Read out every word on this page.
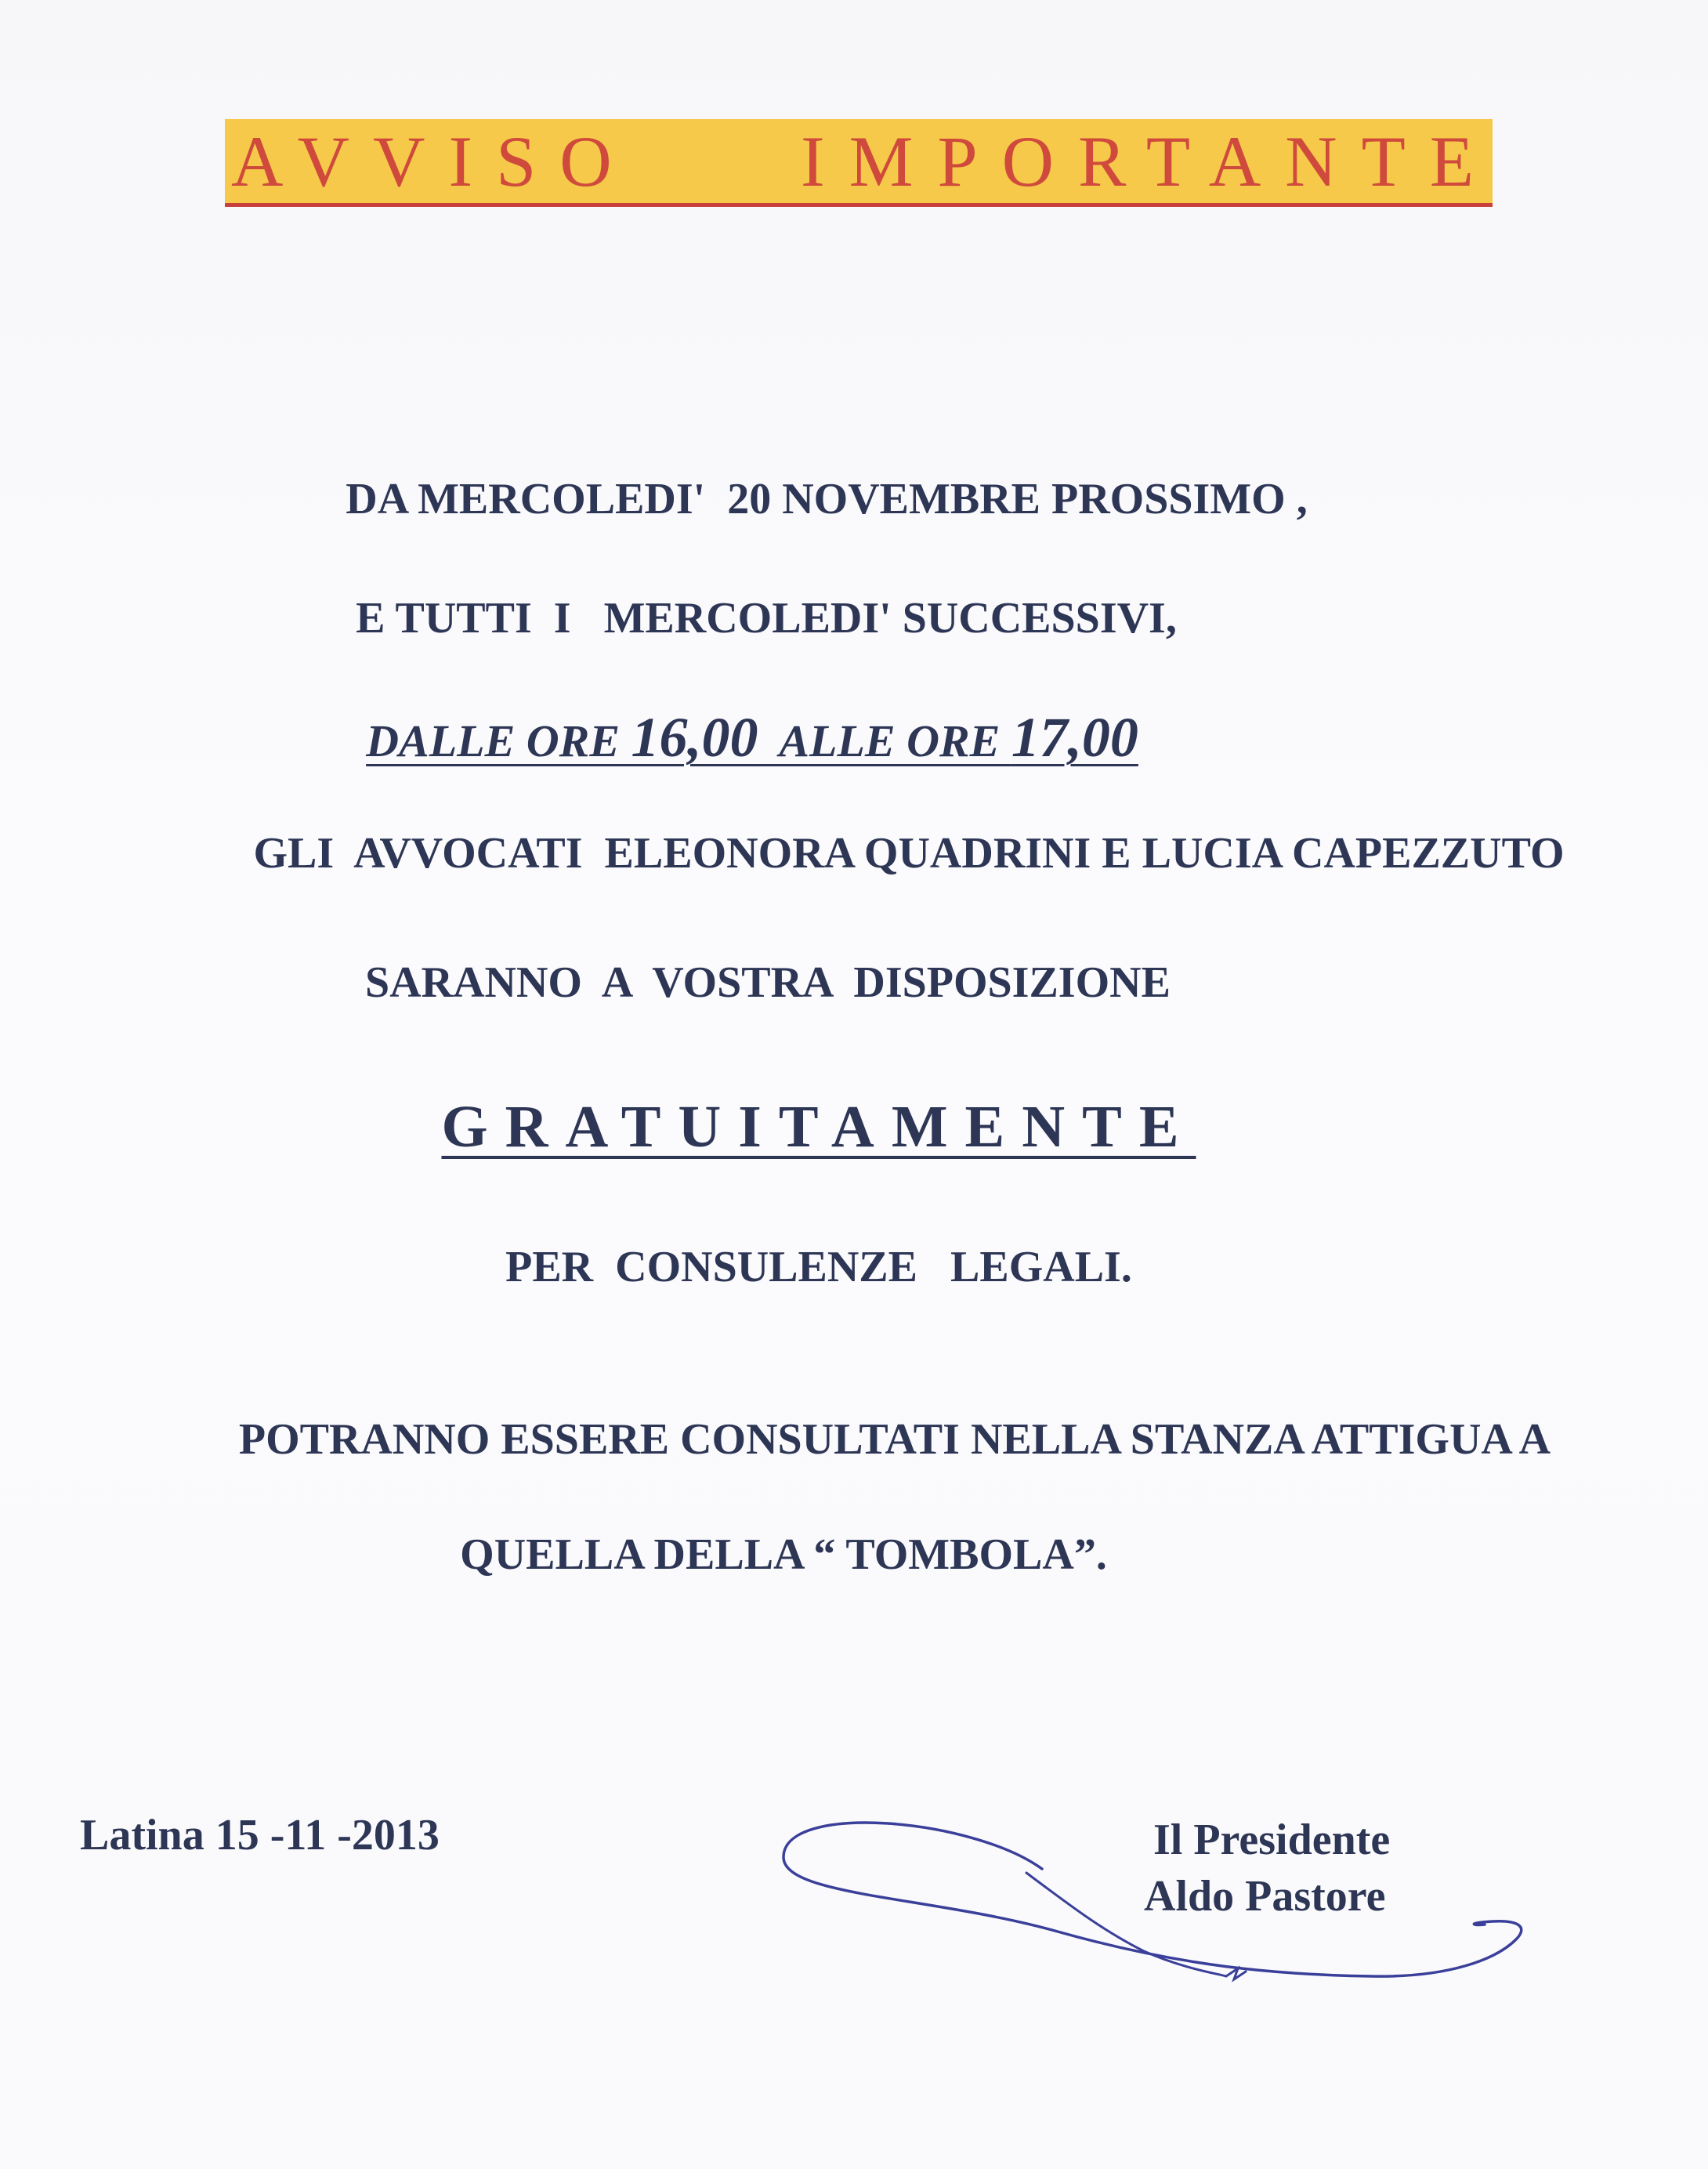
AVVISO IMPORTANTE
DA MERCOLEDI'  20 NOVEMBRE PROSSIMO ,
E TUTTI  I   MERCOLEDI' SUCCESSIVI,
DALLE ORE 16,00  ALLE ORE 17,00
GLI  AVVOCATI  ELEONORA QUADRINI E LUCIA CAPEZZUTO
SARANNO  A  VOSTRA  DISPOSIZIONE
GRATUITAMENTE
PER  CONSULENZE   LEGALI.
POTRANNO ESSERE CONSULTATI NELLA STANZA ATTIGUA A
QUELLA DELLA “ TOMBOLA”.
Latina 15 -11 -2013	Il Presidente
Aldo Pastore
